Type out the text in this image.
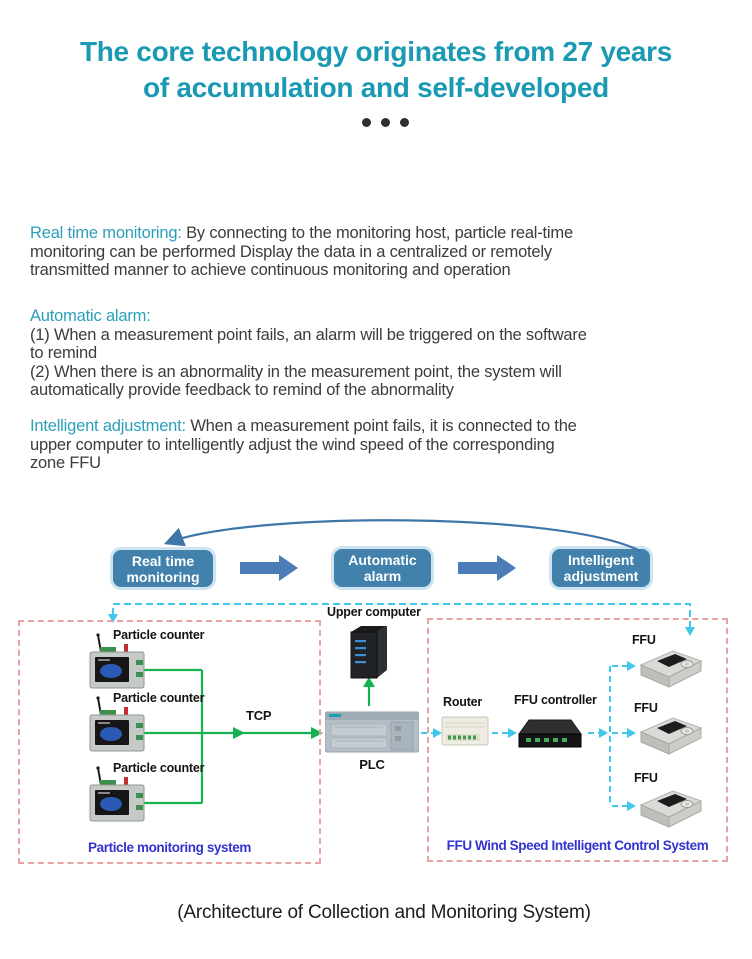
The core technology originates from 27 years
of accumulation and self-developed
Real time monitoring: By connecting to the monitoring host, particle real-time
monitoring can be performed Display the data in a centralized or remotely
transmitted manner to achieve continuous monitoring and operation
Automatic alarm:
(1) When a measurement point fails, an alarm will be triggered on the software
to remind
(2) When there is an abnormality in the measurement point, the system will
automatically provide feedback to remind of the abnormality
Intelligent adjustment: When a measurement point fails, it is connected to the
upper computer to intelligently adjust the wind speed of the corresponding
zone FFU
Real time
monitoring
Automatic
alarm
Intelligent
adjustment
Upper computer
PLC
TCP
Particle counter
Particle counter
Particle counter
Particle monitoring system
Router	FFU controller
FFU
FFU
FFU
FFU Wind Speed Intelligent Control System
(Architecture of Collection and Monitoring System)
